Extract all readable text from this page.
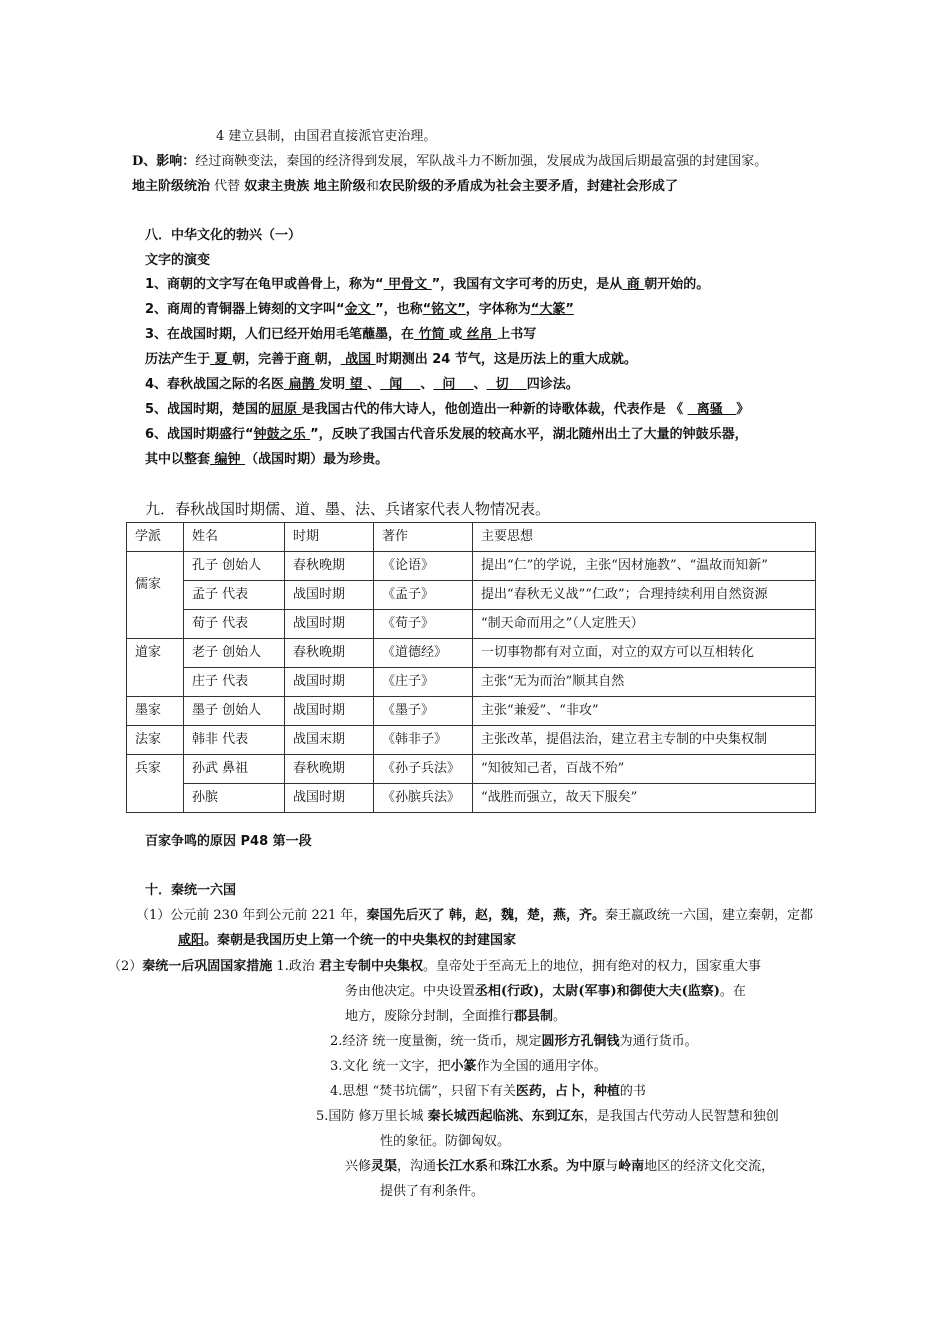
4 建立县制，由国君直接派官吏治理。
D、影响：经过商鞅变法，秦国的经济得到发展，军队战斗力不断加强，发展成为战国后期最富强的封建国家。
地主阶级统治 代替 奴隶主贵族 地主阶级和农民阶级的矛盾成为社会主要矛盾，封建社会形成了
八．中华文化的勃兴（一）
文字的演变
1、商朝的文字写在龟甲或兽骨上，称为“ 甲骨文 ”，我国有文字可考的历史，是从 商 朝开始的。
2、商周的青铜器上铸刻的文字叫“金文 ”，也称“铭文”，字体称为“大篆”
3、在战国时期，人们已经开始用毛笔蘸墨，在 竹简 或 丝帛 上书写
历法产生于 夏 朝，完善于商 朝， 战国 时期测出 24 节气，这是历法上的重大成就。
4、春秋战国之际的名医 扁鹊 发明 望 、  闻    、  问    、  切    四诊法。
5、战国时期，楚国的屈原 是我国古代的伟大诗人，他创造出一种新的诗歌体裁，代表作是 《   离骚   》
6、战国时期盛行“钟鼓之乐 ”，反映了我国古代音乐发展的较高水平，湖北随州出土了大量的钟鼓乐器，
其中以整套 编钟 （战国时期）最为珍贵。
九．春秋战国时期儒、道、墨、法、兵诸家代表人物情况表。
学派	姓名	时期	著作	主要思想
儒家	孔子 创始人	春秋晚期	《论语》	提出“仁”的学说，主张“因材施教”、“温故而知新”
	孟子 代表	战国时期	《孟子》	提出“春秋无义战”“仁政”；合理持续利用自然资源
	荀子 代表	战国时期	《荀子》	“制天命而用之”（人定胜天）
道家	老子 创始人	春秋晚期	《道德经》	一切事物都有对立面，对立的双方可以互相转化
	庄子 代表	战国时期	《庄子》	主张“无为而治”顺其自然
墨家	墨子 创始人	战国时期	《墨子》	主张“兼爱”、“非攻”
法家	韩非 代表	战国末期	《韩非子》	主张改革，提倡法治，建立君主专制的中央集权制
兵家	孙武 鼻祖	春秋晚期	《孙子兵法》	“知彼知己者，百战不殆”
	孙膑	战国时期	《孙膑兵法》	“战胜而强立，故天下服矣”
百家争鸣的原因 P48 第一段
十．秦统一六国
（1）公元前 230 年到公元前 221 年，秦国先后灭了 韩，赵，魏，楚，燕，齐。秦王嬴政统一六国，建立秦朝，定都
咸阳。秦朝是我国历史上第一个统一的中央集权的封建国家
（2）秦统一后巩固国家措施 1.政治 君主专制中央集权。皇帝处于至高无上的地位，拥有绝对的权力，国家重大事
务由他决定。中央设置丞相(行政)，太尉(军事)和御使大夫(监察)。在
地方，废除分封制，全面推行郡县制。
2.经济 统一度量衡，统一货币，规定圆形方孔铜钱为通行货币。
3.文化 统一文字，把小篆作为全国的通用字体。
4.思想 “焚书坑儒”，只留下有关医药，占卜，种植的书
5.国防 修万里长城 秦长城西起临洮、东到辽东，是我国古代劳动人民智慧和独创
性的象征。防御匈奴。
兴修灵渠，沟通长江水系和珠江水系。为中原与岭南地区的经济文化交流，
提供了有利条件。
